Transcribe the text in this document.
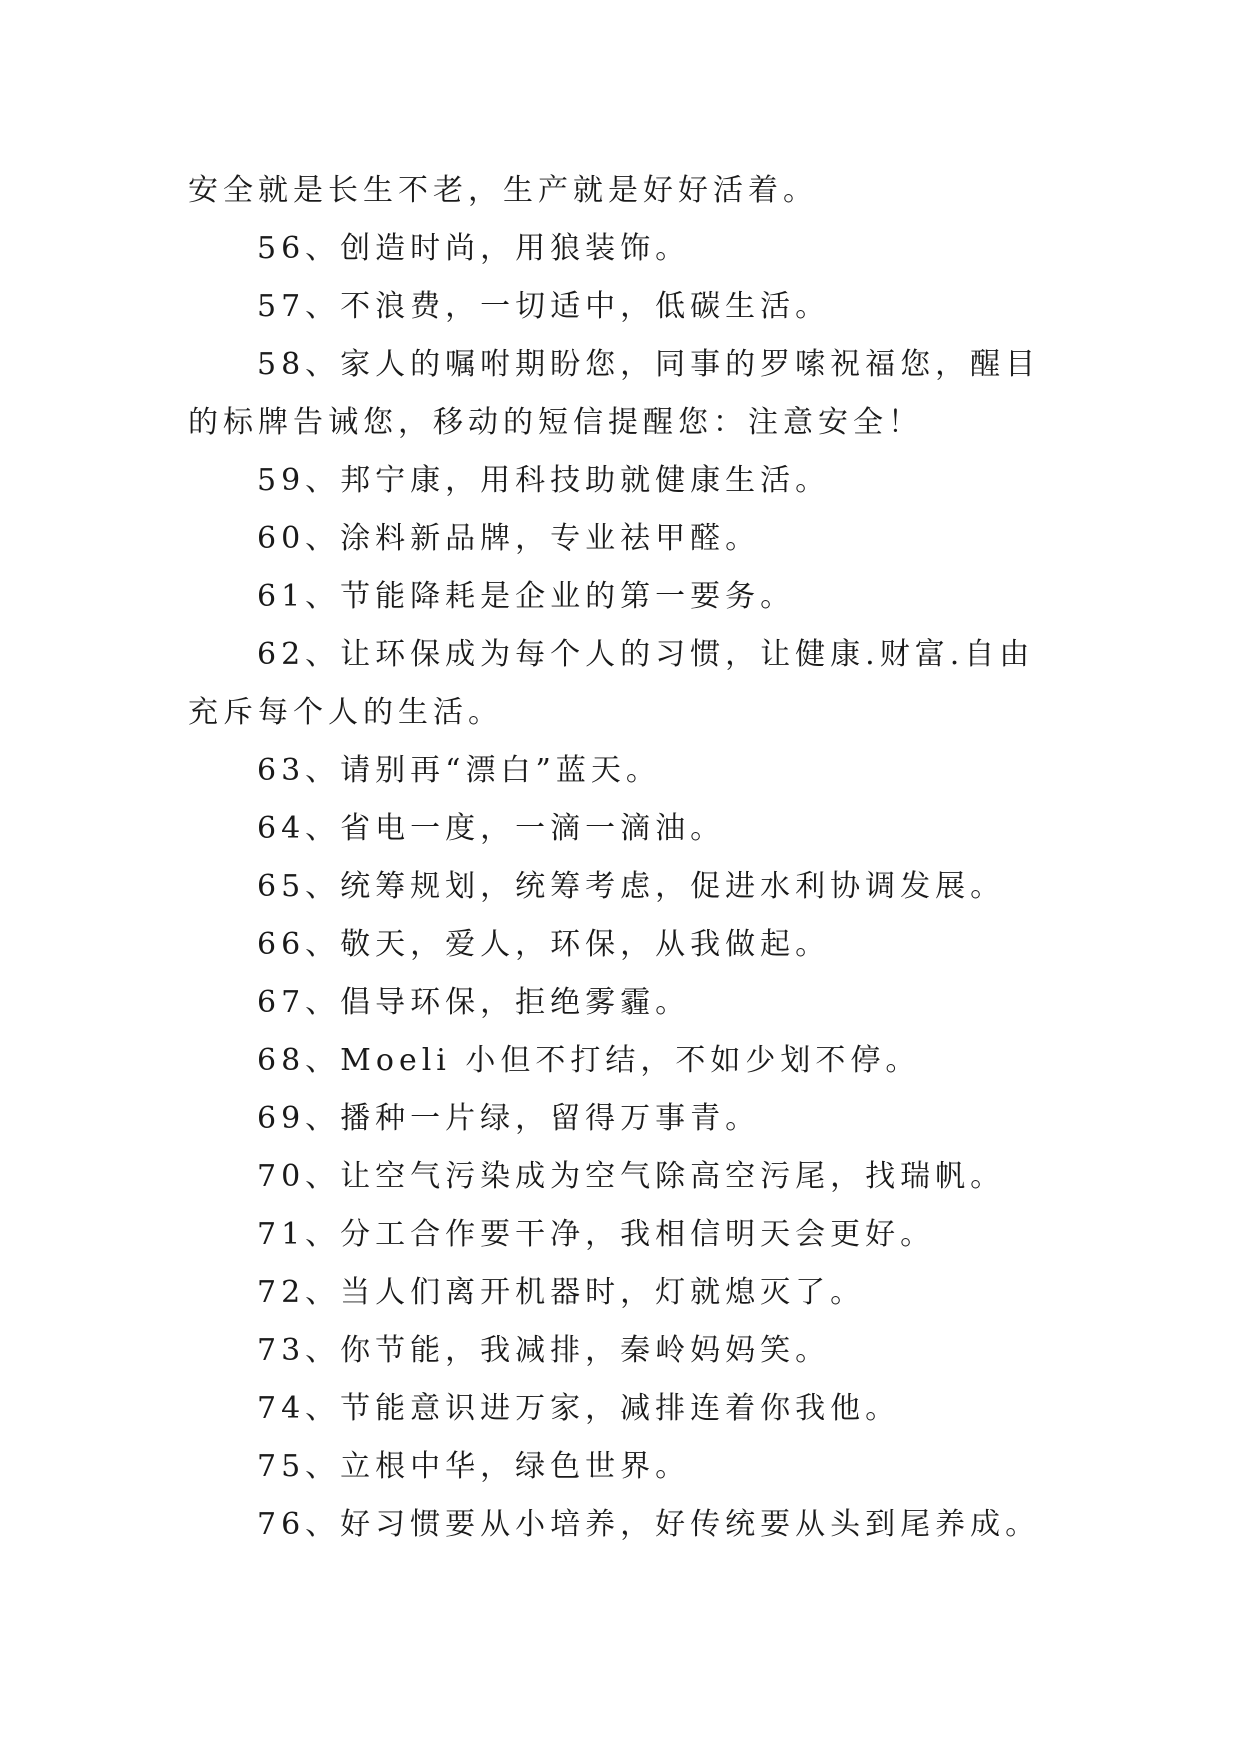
安全就是长生不老，生产就是好好活着。

56、创造时尚，用狼装饰。

57、不浪费，一切适中，低碳生活。

58、家人的嘱咐期盼您，同事的罗嗦祝福您，醒目的标牌告诫您，移动的短信提醒您：注意安全！

59、邦宁康，用科技助就健康生活。

60、涂料新品牌，专业祛甲醛。

61、节能降耗是企业的第一要务。

62、让环保成为每个人的习惯，让健康.财富.自由充斥每个人的生活。

63、请别再“漂白”蓝天。

64、省电一度，一滴一滴油。

65、统筹规划，统筹考虑，促进水利协调发展。

66、敬天，爱人，环保，从我做起。

67、倡导环保，拒绝雾霾。

68、Moeli 小但不打结，不如少划不停。

69、播种一片绿，留得万事青。

70、让空气污染成为空气除高空污尾，找瑞帆。

71、分工合作要干净，我相信明天会更好。

72、当人们离开机器时，灯就熄灭了。

73、你节能，我减排，秦岭妈妈笑。

74、节能意识进万家，减排连着你我他。

75、立根中华，绿色世界。

76、好习惯要从小培养，好传统要从头到尾养成。
